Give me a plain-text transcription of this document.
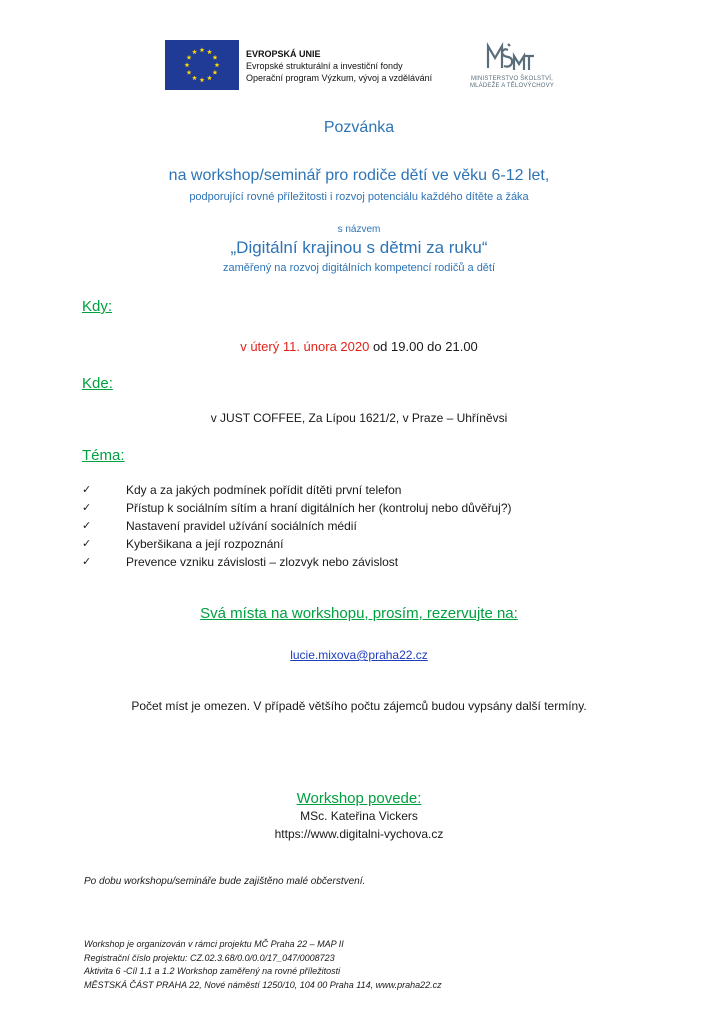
EVROPSKÁ UNIE
Evropské strukturální a investiční fondy
Operační program Výzkum, vývoj a vzdělávání	MINISTERSTVO ŠKOLSTVÍ,
MLÁDEŽE A TĚLOVÝCHOVY
Pozvánka
na workshop/seminář pro rodiče dětí ve věku 6-12 let,
podporující rovné příležitosti i rozvoj potenciálu každého dítěte a žáka
s názvem
„Digitální krajinou s dětmi za ruku“
zaměřený na rozvoj digitálních kompetencí rodičů a dětí
Kdy:
v úterý 11. února 2020 od 19.00 do 21.00
Kde:
v JUST COFFEE, Za Lípou 1621/2, v Praze – Uhříněvsi
Téma:
✓	Kdy a za jakých podmínek pořídit dítěti první telefon
✓	Přístup k sociálním sítím a hraní digitálních her (kontroluj nebo důvěřuj?)
✓	Nastavení pravidel užívání sociálních médií
✓	Kyberšikana a její rozpoznání
✓	Prevence vzniku závislosti – zlozvyk nebo závislost
Svá místa na workshopu, prosím, rezervujte na:
lucie.mixova@praha22.cz
Počet míst je omezen. V případě většího počtu zájemců budou vypsány další termíny.
Workshop povede:
MSc. Kateřina Vickers
https://www.digitalni-vychova.cz
Po dobu workshopu/semináře bude zajištěno malé občerstvení.
Workshop je organizován v rámci projektu MČ Praha 22 – MAP II
Registrační číslo projektu: CZ.02.3.68/0.0/0.0/17_047/0008723
Aktivita 6 -Cíl 1.1 a 1.2 Workshop zaměřený na rovné příležitosti
MĚSTSKÁ ČÁST PRAHA 22, Nové náměstí 1250/10, 104 00 Praha 114, www.praha22.cz
